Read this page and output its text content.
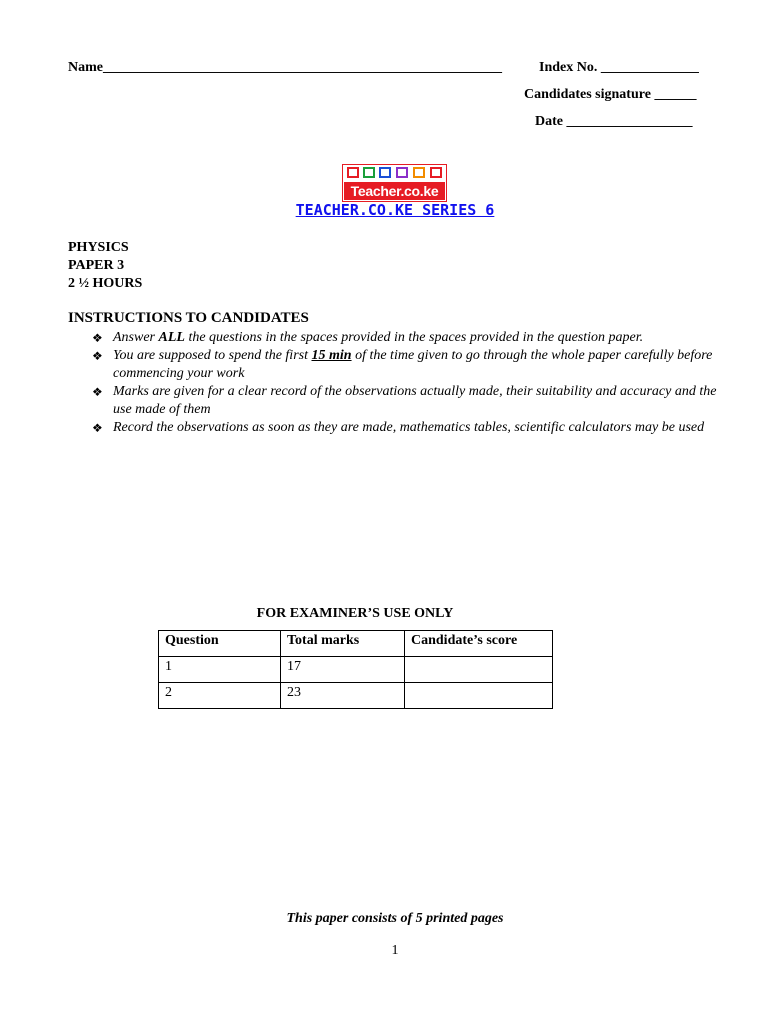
Name_________________________________________________________	Index No. ______________
Candidates signature ______
Date __________________
Teacher.co.ke
TEACHER.CO.KE SERIES 6
PHYSICS
PAPER 3
2 ½ HOURS
INSTRUCTIONS TO CANDIDATES
❖ Answer ALL the questions in the spaces provided in the spaces provided in the question paper.
❖ You are supposed to spend the first 15 min of the time given to go through the whole paper carefully before commencing your work
❖ Marks are given for a clear record of the observations actually made, their suitability and accuracy and the use made of them
❖ Record the observations as soon as they are made, mathematics tables, scientific calculators may be used
FOR EXAMINER’S USE ONLY
Question	Total marks	Candidate’s score
1	17	
2	23	
This paper consists of 5 printed pages
1
